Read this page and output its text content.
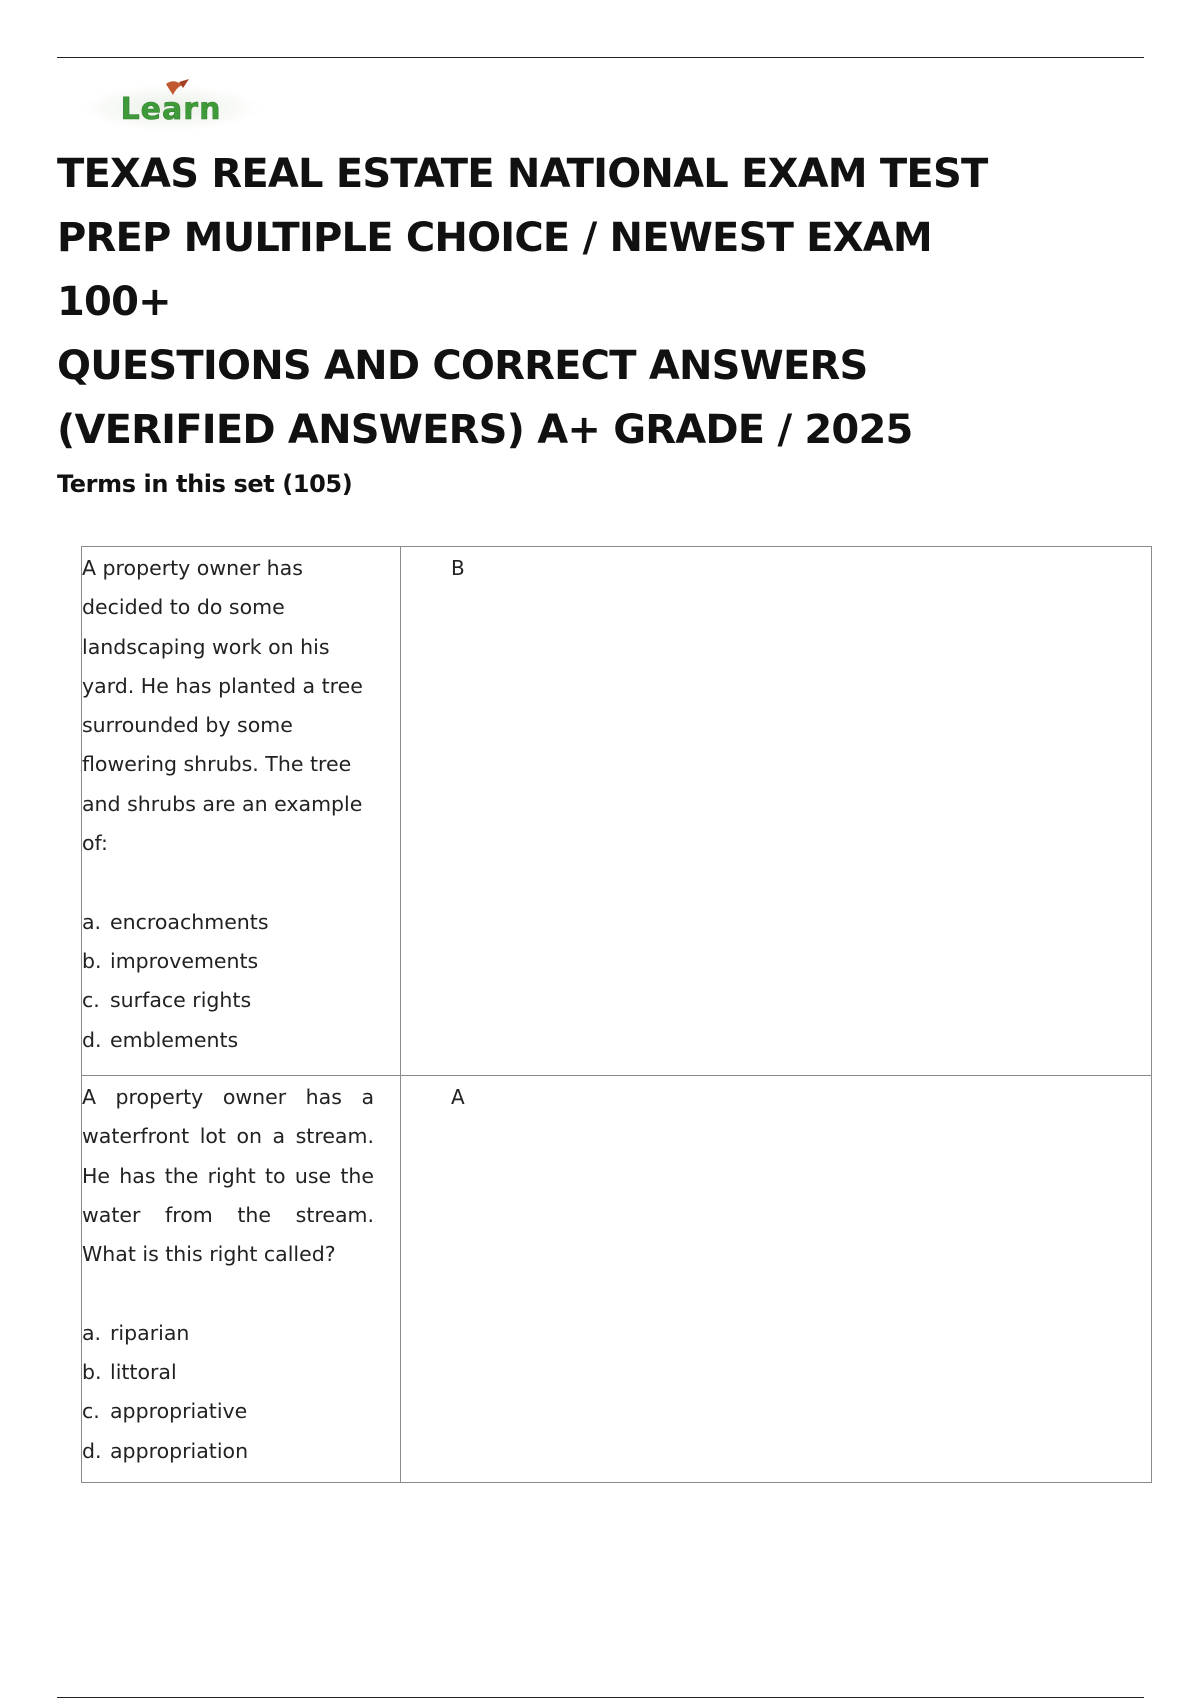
Learn
TEXAS REAL ESTATE NATIONAL EXAM TEST
PREP MULTIPLE CHOICE / NEWEST EXAM 100+
QUESTIONS AND CORRECT ANSWERS
(VERIFIED ANSWERS) A+ GRADE / 2025
Terms in this set (105)
A property owner has decided to do some landscaping work on his yard. He has planted a tree surrounded by some flowering shrubs. The tree and shrubs are an example of:
a. encroachments
b. improvements
c. surface rights
d. emblements	B

A property owner has a waterfront lot on a stream. He has the right to use the water from the stream. What is this right called?
a. riparian
b. littoral
c. appropriative
d. appropriation	A
